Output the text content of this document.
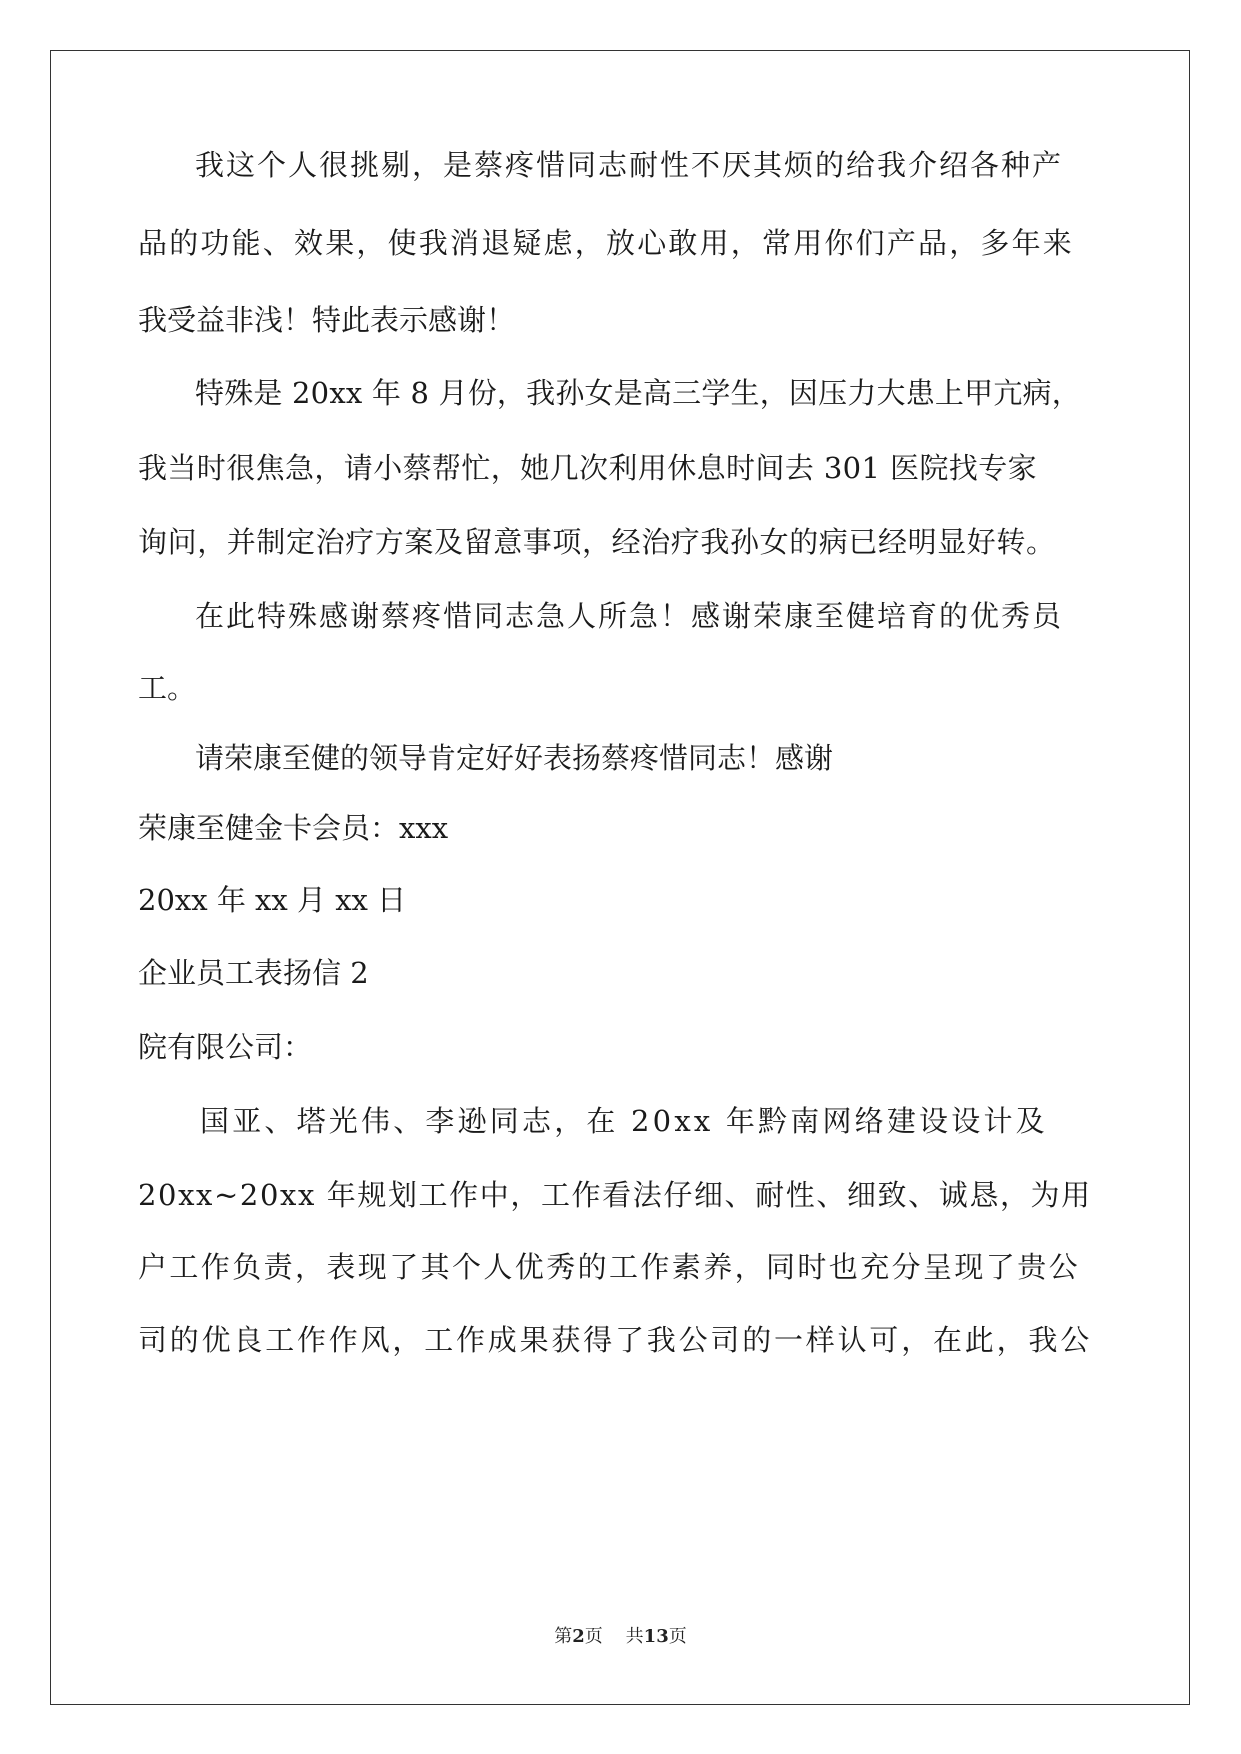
我这个人很挑剔，是蔡疼惜同志耐性不厌其烦的给我介绍各种产

品的功能、效果，使我消退疑虑，放心敢用，常用你们产品，多年来

我受益非浅！特此表示感谢！

特殊是 20xx 年 8 月份，我孙女是高三学生，因压力大患上甲亢病，

我当时很焦急，请小蔡帮忙，她几次利用休息时间去 301 医院找专家

询问，并制定治疗方案及留意事项，经治疗我孙女的病已经明显好转。

在此特殊感谢蔡疼惜同志急人所急！感谢荣康至健培育的优秀员

工。

请荣康至健的领导肯定好好表扬蔡疼惜同志！感谢

荣康至健金卡会员：xxx

20xx 年 xx 月 xx 日

企业员工表扬信 2

院有限公司：

国亚、塔光伟、李逊同志，在 20xx 年黔南网络建设设计及

20xx~20xx 年规划工作中，工作看法仔细、耐性、细致、诚恳，为用

户工作负责，表现了其个人优秀的工作素养，同时也充分呈现了贵公

司的优良工作作风，工作成果获得了我公司的一样认可，在此，我公

第2页 共13页
